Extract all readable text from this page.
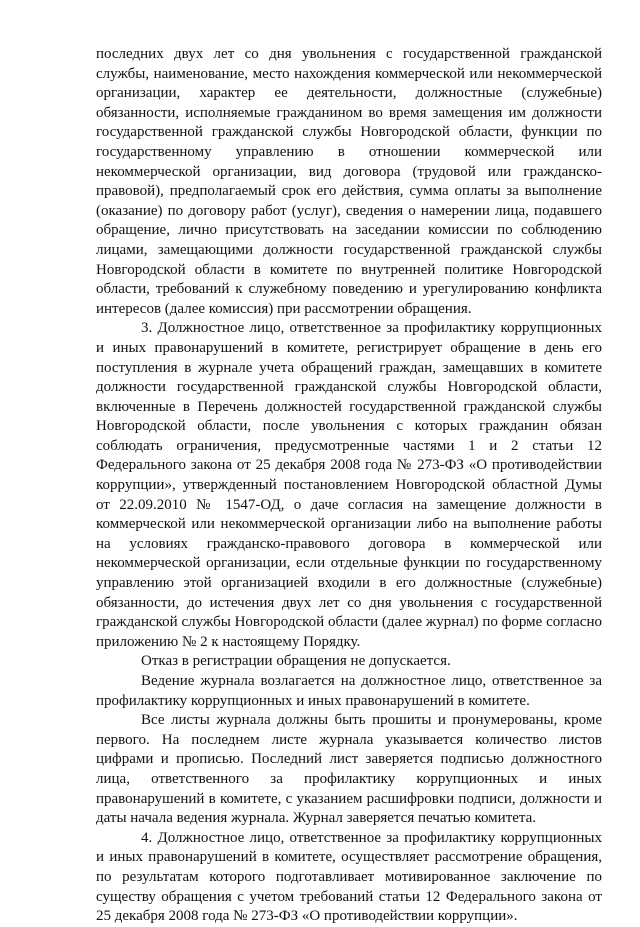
последних двух лет со дня увольнения с государственной гражданской службы, наименование, место нахождения коммерческой или некоммерческой организации, характер ее деятельности, должностные (служебные) обязанности, исполняемые гражданином во время замещения им должности государственной гражданской службы Новгородской области, функции по государственному управлению в отношении коммерческой или некоммерческой организации, вид договора (трудовой или гражданско-правовой), предполагаемый срок его действия, сумма оплаты за выполнение (оказание) по договору работ (услуг), сведения о намерении лица, подавшего обращение, лично присутствовать на заседании комиссии по соблюдению лицами, замещающими должности государственной гражданской службы Новгородской области в комитете по внутренней политике Новгородской области, требований к служебному поведению и урегулированию конфликта интересов (далее комиссия) при рассмотрении обращения.

3. Должностное лицо, ответственное за профилактику коррупционных и иных правонарушений в комитете, регистрирует обращение в день его поступления в журнале учета обращений граждан, замещавших в комитете должности государственной гражданской службы Новгородской области, включенные в Перечень должностей государственной гражданской службы Новгородской области, после увольнения с которых гражданин обязан соблюдать ограничения, предусмотренные частями 1 и 2 статьи 12 Федерального закона от 25 декабря 2008 года № 273-ФЗ «О противодействии коррупции», утвержденный постановлением Новгородской областной Думы от 22.09.2010 № 1547-ОД, о даче согласия на замещение должности в коммерческой или некоммерческой организации либо на выполнение работы на условиях гражданско-правового договора в коммерческой или некоммерческой организации, если отдельные функции по государственному управлению этой организацией входили в его должностные (служебные) обязанности, до истечения двух лет со дня увольнения с государственной гражданской службы Новгородской области (далее журнал) по форме согласно приложению № 2 к настоящему Порядку.

Отказ в регистрации обращения не допускается.

Ведение журнала возлагается на должностное лицо, ответственное за профилактику коррупционных и иных правонарушений в комитете.

Все листы журнала должны быть прошиты и пронумерованы, кроме первого. На последнем листе журнала указывается количество листов цифрами и прописью. Последний лист заверяется подписью должностного лица, ответственного за профилактику коррупционных и иных правонарушений в комитете, с указанием расшифровки подписи, должности и даты начала ведения журнала. Журнал заверяется печатью комитета.

4. Должностное лицо, ответственное за профилактику коррупционных и иных правонарушений в комитете, осуществляет рассмотрение обращения, по результатам которого подготавливает мотивированное заключение по существу обращения с учетом требований статьи 12 Федерального закона от 25 декабря 2008 года № 273-ФЗ «О противодействии коррупции».
